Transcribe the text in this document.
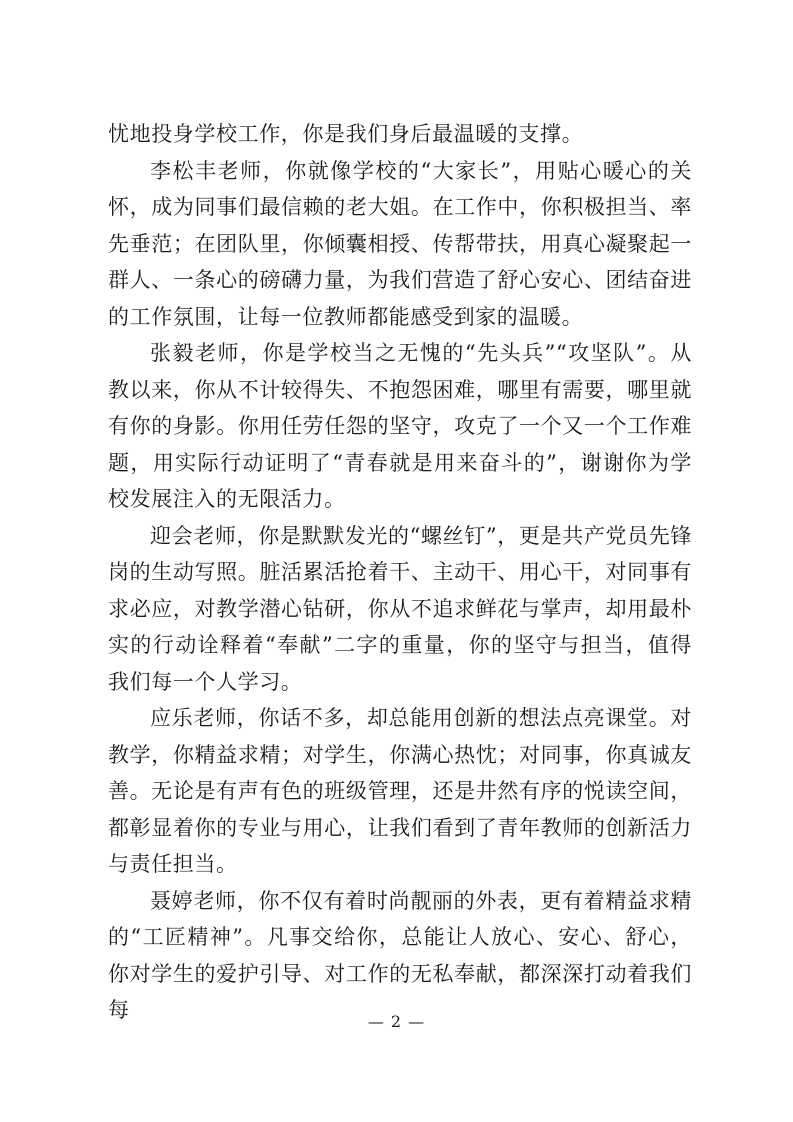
忧地投身学校工作，你是我们身后最温暖的支撑。

李松丰老师，你就像学校的“大家长”，用贴心暖心的关怀，成为同事们最信赖的老大姐。在工作中，你积极担当、率先垂范；在团队里，你倾囊相授、传帮带扶，用真心凝聚起一群人、一条心的磅礴力量，为我们营造了舒心安心、团结奋进的工作氛围，让每一位教师都能感受到家的温暖。

张毅老师，你是学校当之无愧的“先头兵”“攻坚队”。从教以来，你从不计较得失、不抱怨困难，哪里有需要，哪里就有你的身影。你用任劳任怨的坚守，攻克了一个又一个工作难题，用实际行动证明了“青春就是用来奋斗的”，谢谢你为学校发展注入的无限活力。

迎会老师，你是默默发光的“螺丝钉”，更是共产党员先锋岗的生动写照。脏活累活抢着干、主动干、用心干，对同事有求必应，对教学潜心钻研，你从不追求鲜花与掌声，却用最朴实的行动诠释着“奉献”二字的重量，你的坚守与担当，值得我们每一个人学习。

应乐老师，你话不多，却总能用创新的想法点亮课堂。对教学，你精益求精；对学生，你满心热忱；对同事，你真诚友善。无论是有声有色的班级管理，还是井然有序的悦读空间，都彰显着你的专业与用心，让我们看到了青年教师的创新活力与责任担当。

聂婷老师，你不仅有着时尚靓丽的外表，更有着精益求精的“工匠精神”。凡事交给你，总能让人放心、安心、舒心，你对学生的爱护引导、对工作的无私奉献，都深深打动着我们每	— 2 —
